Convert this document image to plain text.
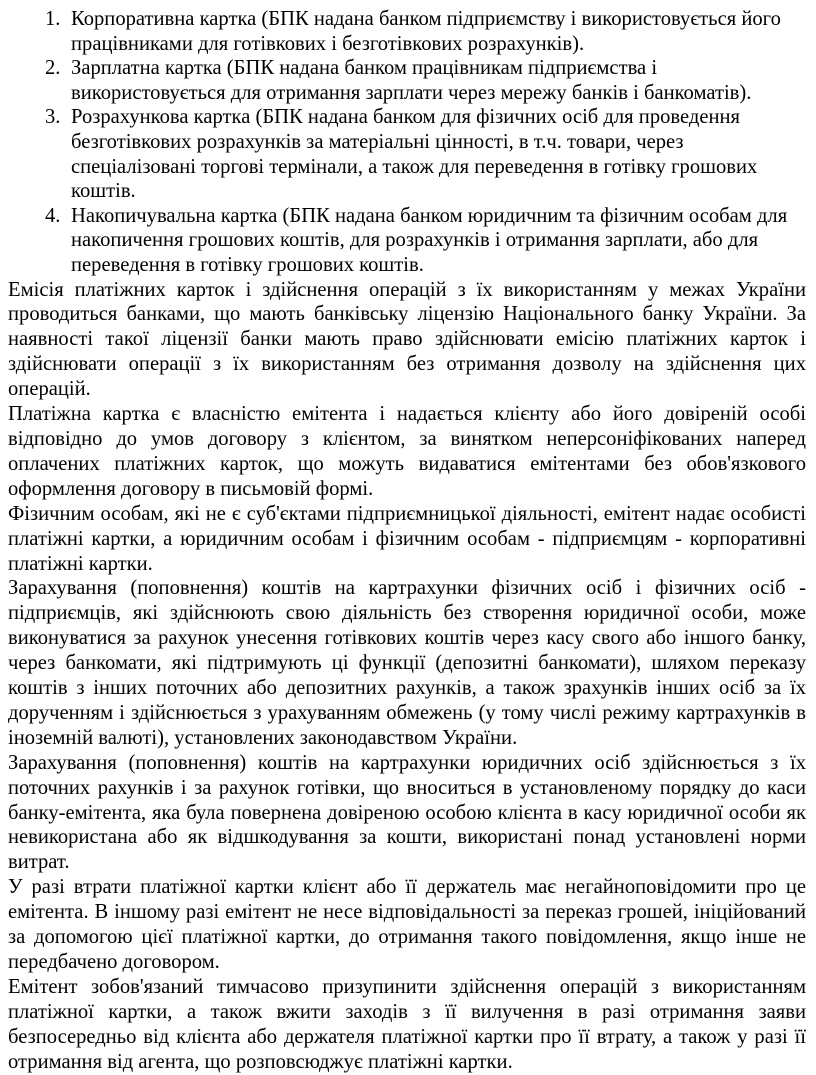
1. Корпоративна картка (БПК надана банком підприємству і використовується його працівниками для готівкових і безготівкових розрахунків).
2. Зарплатна картка (БПК надана банком працівникам підприємства і використовується для отримання зарплати через мережу банків і банкоматів).
3. Розрахункова картка (БПК надана банком для фізичних осіб для проведення безготівкових розрахунків за матеріальні цінності, в т.ч. товари, через спеціалізовані торгові термінали, а також для переведення в готівку грошових коштів.
4. Накопичувальна картка (БПК надана банком юридичним та фізичним особам для накопичення грошових коштів, для розрахунків і отримання зарплати, або для переведення в готівку грошових коштів.

Емісія платіжних карток і здійснення операцій з їх використанням у межах України проводиться банками, що мають банківську ліцензію Національного банку України. За наявності такої ліцензії банки мають право здійснювати емісію платіжних карток і здійснювати операції з їх використанням без отримання дозволу на здійснення цих операцій.

Платіжна картка є власністю емітента і надається клієнту або його довіреній особі відповідно до умов договору з клієнтом, за винятком неперсоніфікованих наперед оплачених платіжних карток, що можуть видаватися емітентами без обов'язкового оформлення договору в письмовій формі.

Фізичним особам, які не є суб'єктами підприємницької діяльності, емітент надає особисті платіжні картки, а юридичним особам і фізичним особам - підприємцям - корпоративні платіжні картки.

Зарахування (поповнення) коштів на картрахунки фізичних осіб і фізичних осіб - підприємців, які здійснюють свою діяльність без створення юридичної особи, може виконуватися за рахунок унесення готівкових коштів через касу свого або іншого банку, через банкомати, які підтримують ці функції (депозитні банкомати), шляхом переказу коштів з інших поточних або депозитних рахунків, а також зрахунків інших осіб за їх дорученням і здійснюється з урахуванням обмежень (у тому числі режиму картрахунків в іноземній валюті), установлених законодавством України.

Зарахування (поповнення) коштів на картрахунки юридичних осіб здійснюється з їх поточних рахунків і за рахунок готівки, що вноситься в установленому порядку до каси банку-емітента, яка була повернена довіреною особою клієнта в касу юридичної особи як невикористана або як відшкодування за кошти, використані понад установлені норми витрат.

У разі втрати платіжної картки клієнт або її держатель має негайноповідомити про це емітента. В іншому разі емітент не несе відповідальності за переказ грошей, ініційований за допомогою цієї платіжної картки, до отримання такого повідомлення, якщо інше не передбачено договором.

Емітент зобов'язаний тимчасово призупинити здійснення операцій з використанням платіжної картки, а також вжити заходів з її вилучення в разі отримання заяви безпосередньо від клієнта або держателя платіжної картки про її втрату, а також у разі її отримання від агента, що розповсюджує платіжні картки.
